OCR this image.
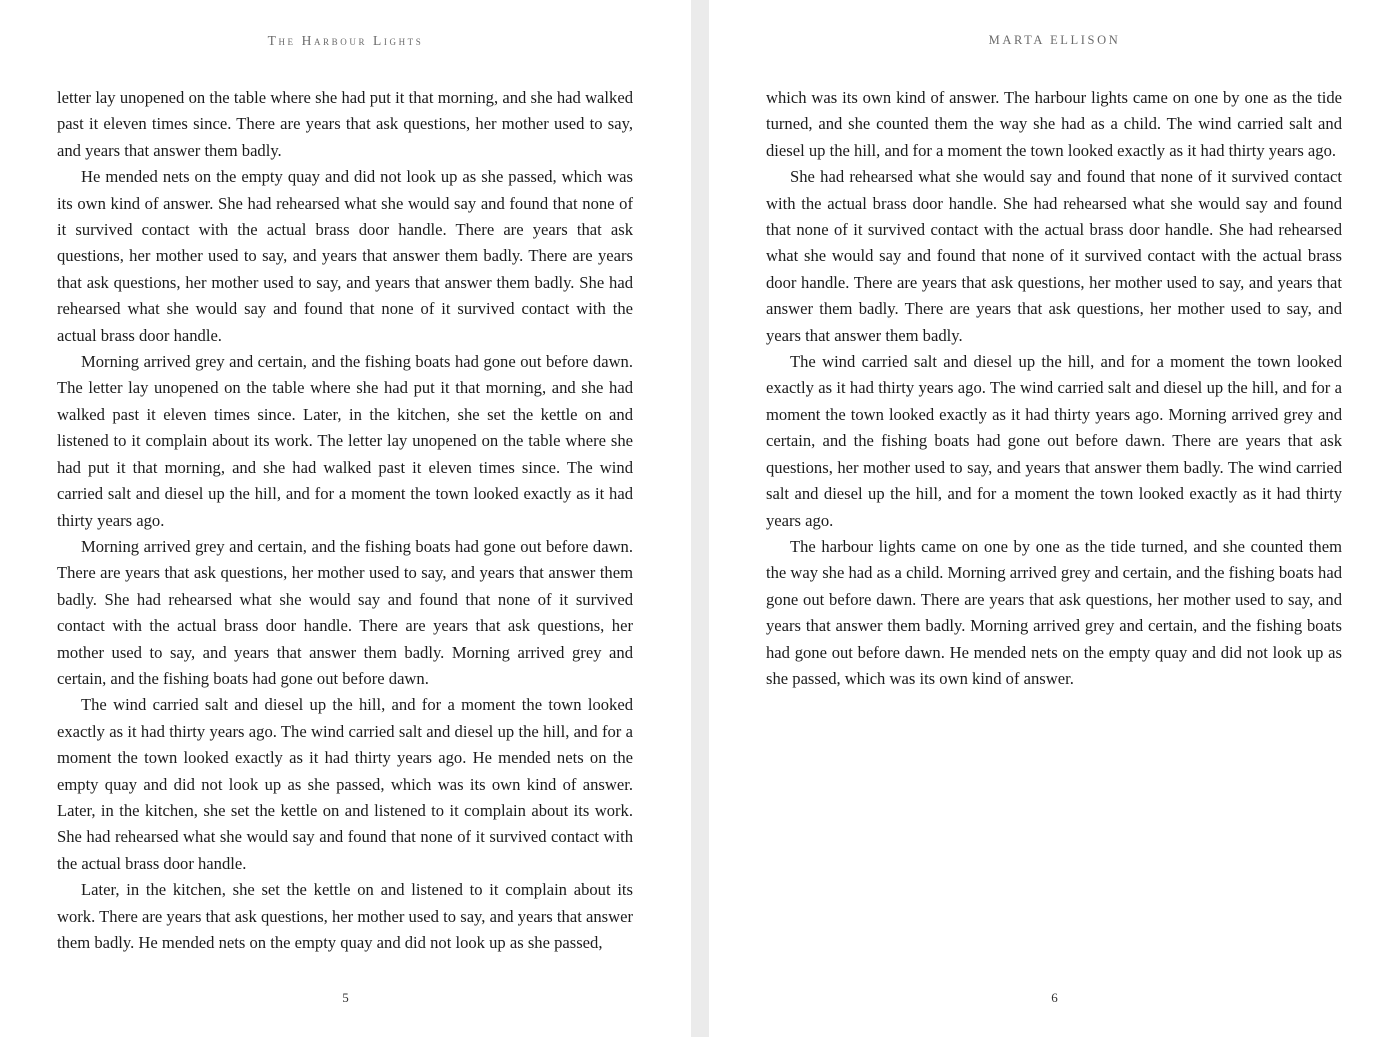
The Harbour Lights

letter lay unopened on the table where she had put it that morning, and she had walked past it eleven times since. There are years that ask questions, her mother used to say, and years that answer them badly.

He mended nets on the empty quay and did not look up as she passed, which was its own kind of answer. She had rehearsed what she would say and found that none of it survived contact with the actual brass door handle. There are years that ask questions, her mother used to say, and years that answer them badly. There are years that ask questions, her mother used to say, and years that answer them badly. She had rehearsed what she would say and found that none of it survived contact with the actual brass door handle.

Morning arrived grey and certain, and the fishing boats had gone out before dawn. The letter lay unopened on the table where she had put it that morning, and she had walked past it eleven times since. Later, in the kitchen, she set the kettle on and listened to it complain about its work. The letter lay unopened on the table where she had put it that morning, and she had walked past it eleven times since. The wind carried salt and diesel up the hill, and for a moment the town looked exactly as it had thirty years ago.

Morning arrived grey and certain, and the fishing boats had gone out before dawn. There are years that ask questions, her mother used to say, and years that answer them badly. She had rehearsed what she would say and found that none of it survived contact with the actual brass door handle. There are years that ask questions, her mother used to say, and years that answer them badly. Morning arrived grey and certain, and the fishing boats had gone out before dawn.

The wind carried salt and diesel up the hill, and for a moment the town looked exactly as it had thirty years ago. The wind carried salt and diesel up the hill, and for a moment the town looked exactly as it had thirty years ago. He mended nets on the empty quay and did not look up as she passed, which was its own kind of answer. Later, in the kitchen, she set the kettle on and listened to it complain about its work. She had rehearsed what she would say and found that none of it survived contact with the actual brass door handle.

Later, in the kitchen, she set the kettle on and listened to it complain about its work. There are years that ask questions, her mother used to say, and years that answer them badly. He mended nets on the empty quay and did not look up as she passed,

5
MARTA ELLISON

which was its own kind of answer. The harbour lights came on one by one as the tide turned, and she counted them the way she had as a child. The wind carried salt and diesel up the hill, and for a moment the town looked exactly as it had thirty years ago.

She had rehearsed what she would say and found that none of it survived contact with the actual brass door handle. She had rehearsed what she would say and found that none of it survived contact with the actual brass door handle. She had rehearsed what she would say and found that none of it survived contact with the actual brass door handle. There are years that ask questions, her mother used to say, and years that answer them badly. There are years that ask questions, her mother used to say, and years that answer them badly.

The wind carried salt and diesel up the hill, and for a moment the town looked exactly as it had thirty years ago. The wind carried salt and diesel up the hill, and for a moment the town looked exactly as it had thirty years ago. Morning arrived grey and certain, and the fishing boats had gone out before dawn. There are years that ask questions, her mother used to say, and years that answer them badly. The wind carried salt and diesel up the hill, and for a moment the town looked exactly as it had thirty years ago.

The harbour lights came on one by one as the tide turned, and she counted them the way she had as a child. Morning arrived grey and certain, and the fishing boats had gone out before dawn. There are years that ask questions, her mother used to say, and years that answer them badly. Morning arrived grey and certain, and the fishing boats had gone out before dawn. He mended nets on the empty quay and did not look up as she passed, which was its own kind of answer.

6
